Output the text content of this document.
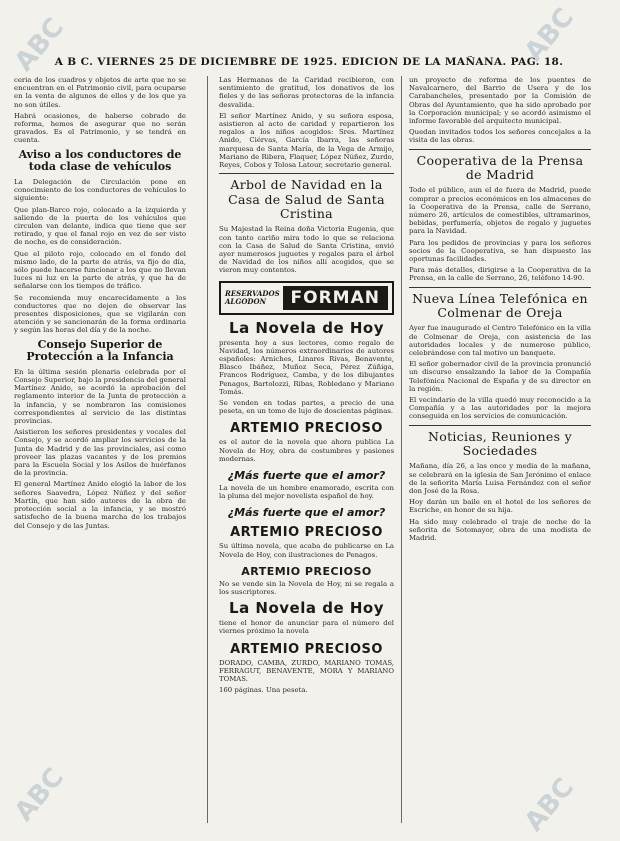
A B C. VIERNES 25 DE DICIEMBRE DE 1925. EDICION DE LA MAÑANA. PAG. 18.

ceria de los cuadros y objetos de arte que no se encuentran en el Patrimonio civil, para ocuparse en la venta de algunos de ellos y de los que ya no son útiles.

Habrá ocasiones, de haberse cobrado de reforma, hemos de asegurar que no serán gravados. Es el Patrimonio, y se tendrá en cuenta.

Aviso a los conductores de toda clase de vehículos

La Delegación de Circulación pone en conocimiento de los conductores de vehículos lo siguiente:

Que plan-Barco rojo, colocado a la izquierda y saliendo de la puerta de los vehículos que circulen van delante, indica que tiene que ser retirado, y que el fanal rojo en vez de ser visto de noche, es de consideración.

Que el piloto rojo, colocado en el fondo del mismo lado, de la parte de atrás, va fijo de día, sólo puede hacerse funcionar a los que no llevan luces ni luz en la parte de atrás, y que ha de señalarse con los tiempos de tráfico.

Se recomienda muy encarecidamente a los conductores que no dejen de observar las presentes disposiciones, que se vigilarán con atención y se sancionarán de la forma ordinaria y según las horas del día y de la noche.

Consejo Superior de Protección a la Infancia

En la última sesión plenaria celebrada por el Consejo Superior, bajo la presidencia del general Martínez Anido, se acordó la aprobación del reglamento interior de la Junta de protección a la infancia, y se nombraron las comisiones correspondientes al servicio de las distintas provincias.

Asistieron los señores presidentes y vocales del Consejo, y se acordó ampliar los servicios de la Junta de Madrid y de las provinciales, así como proveer las plazas vacantes y de los premios para la Escuela Social y los Asilos de huérfanos de la provincia.

El general Martínez Anido elogió la labor de los señores Saavedra, López Núñez y del señor Martín, que han sido autores de la obra de protección social a la infancia, y se mostró satisfecho de la buena marcha de los trabajos del Consejo y de las Juntas.

Las Hermanas de la Caridad recibieron, con sentimiento de gratitud, los donativos de los fieles y de las señoras protectoras de la infancia desvalida.

El señor Martínez Anido, y su señora esposa, asistieron al acto de caridad y repartieron los regalos a los niños acogidos: Sres. Martínez Anido, Ciérvas, García Ibarra, las señoras marquesa de Santa María, de la Vega de Armijo, Mariano de Ribera, Flaquer, López Núñez, Zurdo, Reyes, Cobos y Tolosa Latour, secretario general.

Arbol de Navidad en la Casa de Salud de Santa Cristina

Su Majestad la Reina doña Victoria Eugenia, que con tanto cariño mira todo lo que se relaciona con la Casa de Salud de Santa Cristina, envió ayer numerosos juguetes y regalos para el árbol de Navidad de los niños allí acogidos, que se vieron muy contentos.

RESERVADOS
ALGODON	FORMAN
La Novela de Hoy

presenta hoy a sus lectores, como regalo de Navidad, los números extraordinarios de autores españoles: Arniches, Linares Rivas, Benavente, Blasco Ibáñez, Muñoz Seca, Pérez Zúñiga, Francos Rodríguez, Camba, y de los dibujantes Penagos, Bartolozzi, Ribas, Robledano y Mariano Tomás.

Se venden en todas partes, a precio de una peseta, en un tomo de lujo de doscientas páginas.

ARTEMIO PRECIOSO

es el autor de la novela que ahora publica La Novela de Hoy, obra de costumbres y pasiones modernas.

¿Más fuerte que el amor?

La novela de un hombre enamorado, escrita con la pluma del mejor novelista español de hoy.

¿Más fuerte que el amor?
ARTEMIO PRECIOSO

Su última novela, que acaba de publicarse en La Novela de Hoy, con ilustraciones de Penagos.

ARTEMIO PRECIOSO

No se vende sin la Novela de Hoy, ni se regala a los suscriptores.

La Novela de Hoy

tiene el honor de anunciar para el número del viernes próximo la novela

ARTEMIO PRECIOSO

DORADO, CAMBA, ZURDO, MARIANO TOMAS, FERRAGUT, BENAVENTE, MORA Y MARIANO TOMAS.

160 páginas. Una peseta.

un proyecto de reforma de los puentes de Navalcarnero, del Barrio de Usera y de los Carabancheles, presentado por la Comisión de Obras del Ayuntamiento, que ha sido aprobado por la Corporación municipal; y se acordó asimismo el informe favorable del arquitecto municipal.

Quedan invitados todos los señores concejales a la visita de las obras.

Cooperativa de la Prensa de Madrid

Todo el público, aun el de fuera de Madrid, puede comprar a precios económicos en los almacenes de la Cooperativa de la Prensa, calle de Serrano, número 26, artículos de comestibles, ultramarinos, bebidas, perfumería, objetos de regalo y juguetes para la Navidad.

Para los pedidos de provincias y para los señores socios de la Cooperativa, se han dispuesto las oportunas facilidades.

Para más detalles, dirigirse a la Cooperativa de la Prensa, en la calle de Serrano, 26, teléfono 14-90.

Nueva Línea Telefónica en Colmenar de Oreja

Ayer fue inaugurado el Centro Telefónico en la villa de Colmenar de Oreja, con asistencia de las autoridades locales y de numeroso público, celebrándose con tal motivo un banquete.

El señor gobernador civil de la provincia pronunció un discurso ensalzando la labor de la Compañía Telefónica Nacional de España y de su director en la región.

El vecindario de la villa quedó muy reconocido a la Compañía y a las autoridades por la mejora conseguida en los servicios de comunicación.

Noticias, Reuniones y Sociedades

Mañana, día 26, a las once y media de la mañana, se celebrará en la iglesia de San Jerónimo el enlace de la señorita María Luisa Fernández con el señor don José de la Rosa.

Hoy darán un baile en el hotel de los señores de Escriche, en honor de su hija.

Ha sido muy celebrado el traje de noche de la señorita de Sotomayor, obra de una modista de Madrid.

ABC	ABC
ABC	ABC
